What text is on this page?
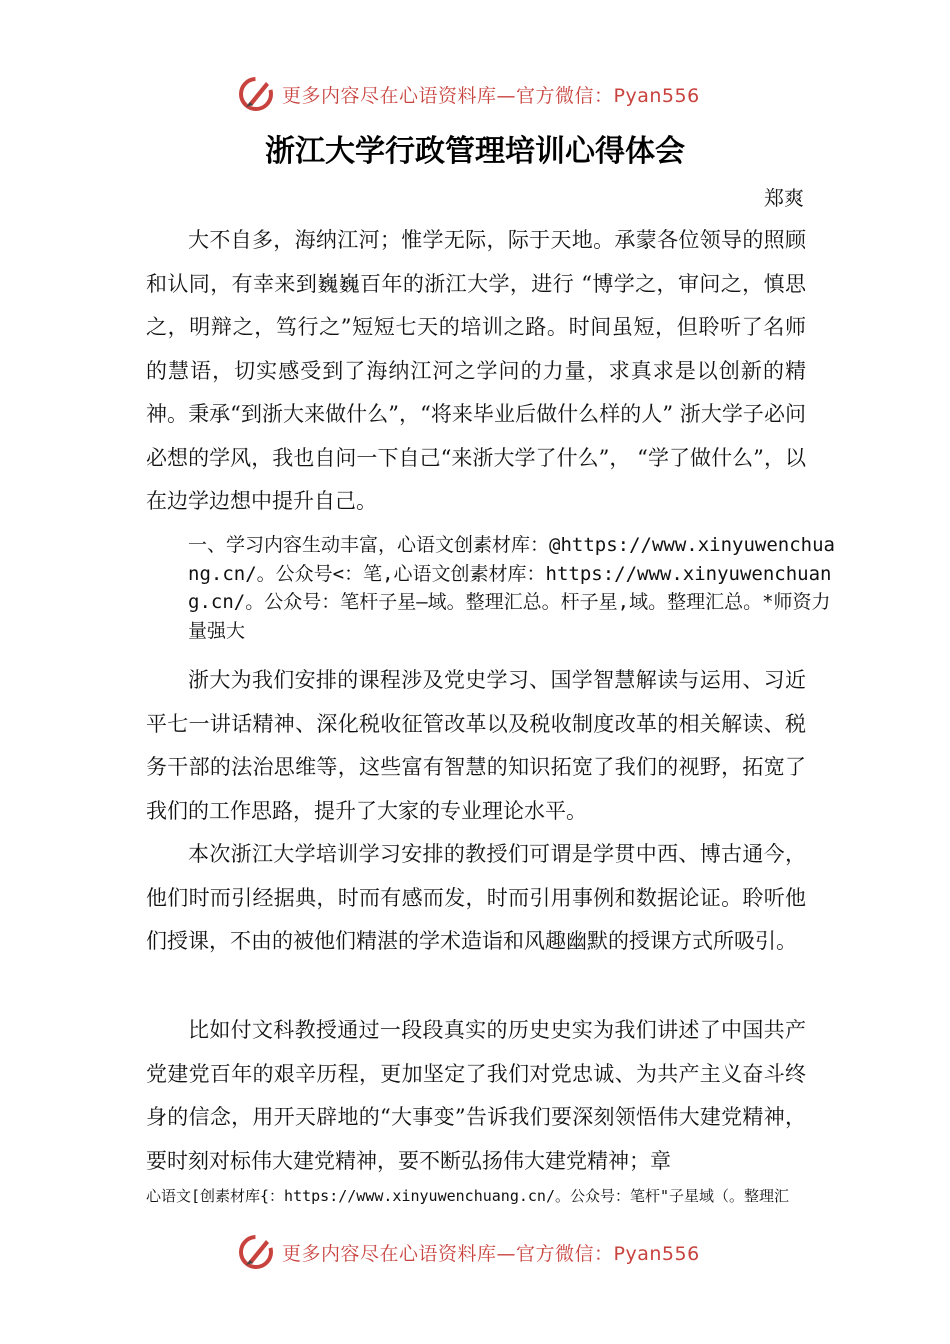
更多内容尽在心语资料库—官方微信：Pyan556
浙江大学行政管理培训心得体会
郑爽

大不自多，海纳江河；惟学无际，际于天地。承蒙各位领导的照顾和认同，有幸来到巍巍百年的浙江大学，进行 “博学之，审问之，慎思之，明辩之，笃行之”短短七天的培训之路。时间虽短，但聆听了名师的慧语，切实感受到了海纳江河之学问的力量，求真求是以创新的精神。秉承“到浙大来做什么”，“将来毕业后做什么样的人” 浙大学子必问必想的学风，我也自问一下自己“来浙大学了什么”， “学了做什么”，以在边学边想中提升自己。

一、学习内容生动丰富，心语文创素材库：@https://www.xinyuwenchuang.cn/。公众号<：笔,心语文创素材库：https://www.xinyuwenchuang.cn/。公众号：笔杆子星—域。整理汇总。杆子星,域。整理汇总。*师资力量强大

浙大为我们安排的课程涉及党史学习、国学智慧解读与运用、习近平七一讲话精神、深化税收征管改革以及税收制度改革的相关解读、税务干部的法治思维等，这些富有智慧的知识拓宽了我们的视野，拓宽了我们的工作思路，提升了大家的专业理论水平。

本次浙江大学培训学习安排的教授们可谓是学贯中西、博古通今，他们时而引经据典，时而有感而发，时而引用事例和数据论证。聆听他们授课，不由的被他们精湛的学术造诣和风趣幽默的授课方式所吸引。

比如付文科教授通过一段段真实的历史史实为我们讲述了中国共产党建党百年的艰辛历程，更加坚定了我们对党忠诚、为共产主义奋斗终身的信念，用开天辟地的“大事变”告诉我们要深刻领悟伟大建党精神，要时刻对标伟大建党精神，要不断弘扬伟大建党精神；章

心语文[创素材库{：https://www.xinyuwenchuang.cn/。公众号：笔杆"子星域（。整理汇

更多内容尽在心语资料库—官方微信：Pyan556
